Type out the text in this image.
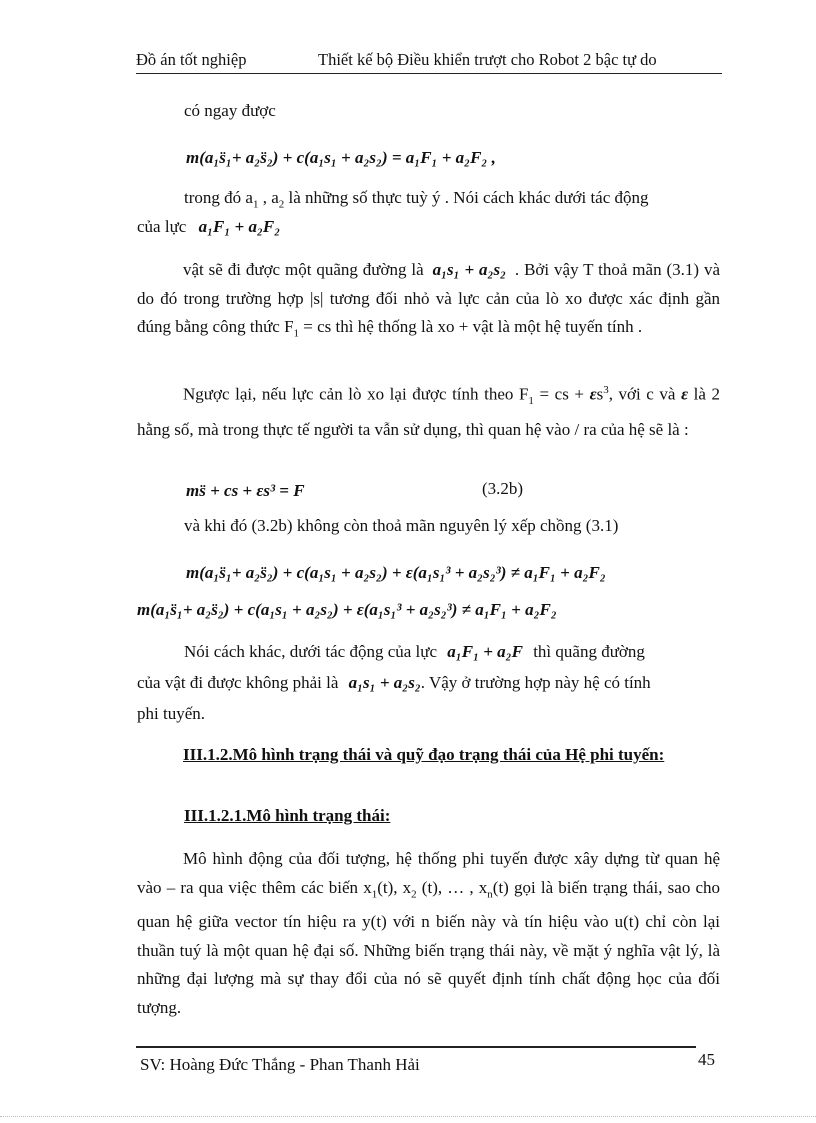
Đồ án tốt nghiệp	Thiết kế bộ Điều khiển trượt cho Robot 2 bậc tự do
có ngay được
m(a₁s̈₁+ a₂s̈₂) + c(a₁s₁ + a₂s₂) = a₁F₁ + a₂F₂ ,
trong đó $a_1$ , $a_2$ là những số thực tuỳ ý . Nói cách khác dưới tác động
của lực a₁F₁ + a₂F₂
vật sẽ đi được một quãng đường là a₁s₁ + a₂s₂ . Bởi vậy T thoả mãn (3.1) và do đó trong trường hợp |s| tương đối nhỏ và lực cản của lò xo được xác định gần đúng bằng công thức $F_1$ = cs thì hệ thống là xo + vật là một hệ tuyến tính .
Ngược lại, nếu lực cản lò xo lại được tính theo $F_1$ = cs + $\varepsilon s^3$, với c và ε là 2 hằng số, mà trong thực tế người ta vẫn sử dụng, thì quan hệ vào / ra của hệ sẽ là :
ms̈ + cs + εs³ = F	(3.2b)
và khi đó (3.2b) không còn thoả mãn nguyên lý xếp chồng (3.1)
m(a₁s̈₁+ a₂s̈₂) + c(a₁s₁ + a₂s₂) + ε(a₁s₁³ + a₂s₂³) ≠ a₁F₁ + a₂F₂
m(a₁s̈₁+ a₂s̈₂) + c(a₁s₁ + a₂s₂) + ε(a₁s₁³ + a₂s₂³) ≠ a₁F₁ + a₂F₂
Nói cách khác, dưới tác động của lực a₁F₁ + a₂F thì quãng đường
của vật đi được không phải là a₁s₁ + a₂s₂. Vậy ở trường hợp này hệ có tính
phi tuyến.
III.1.2.Mô hình trạng thái và quỹ đạo trạng thái của Hệ phi tuyến:
III.1.2.1.Mô hình trạng thái:
Mô hình động của đối tượng, hệ thống phi tuyến được xây dựng từ quan hệ vào – ra qua việc thêm các biến $x_1(t)$, $x_2$ (t), … , $x_n(t)$ gọi là biến trạng thái, sao cho quan hệ giữa vector tín hiệu ra y(t) với n biến này và tín hiệu vào u(t) chỉ còn lại thuần tuý là một quan hệ đại số. Những biến trạng thái này, về mặt ý nghĩa vật lý, là những đại lượng mà sự thay đổi của nó sẽ quyết định tính chất động học của đối tượng.
SV: Hoàng Đức Thắng - Phan Thanh Hải	45
